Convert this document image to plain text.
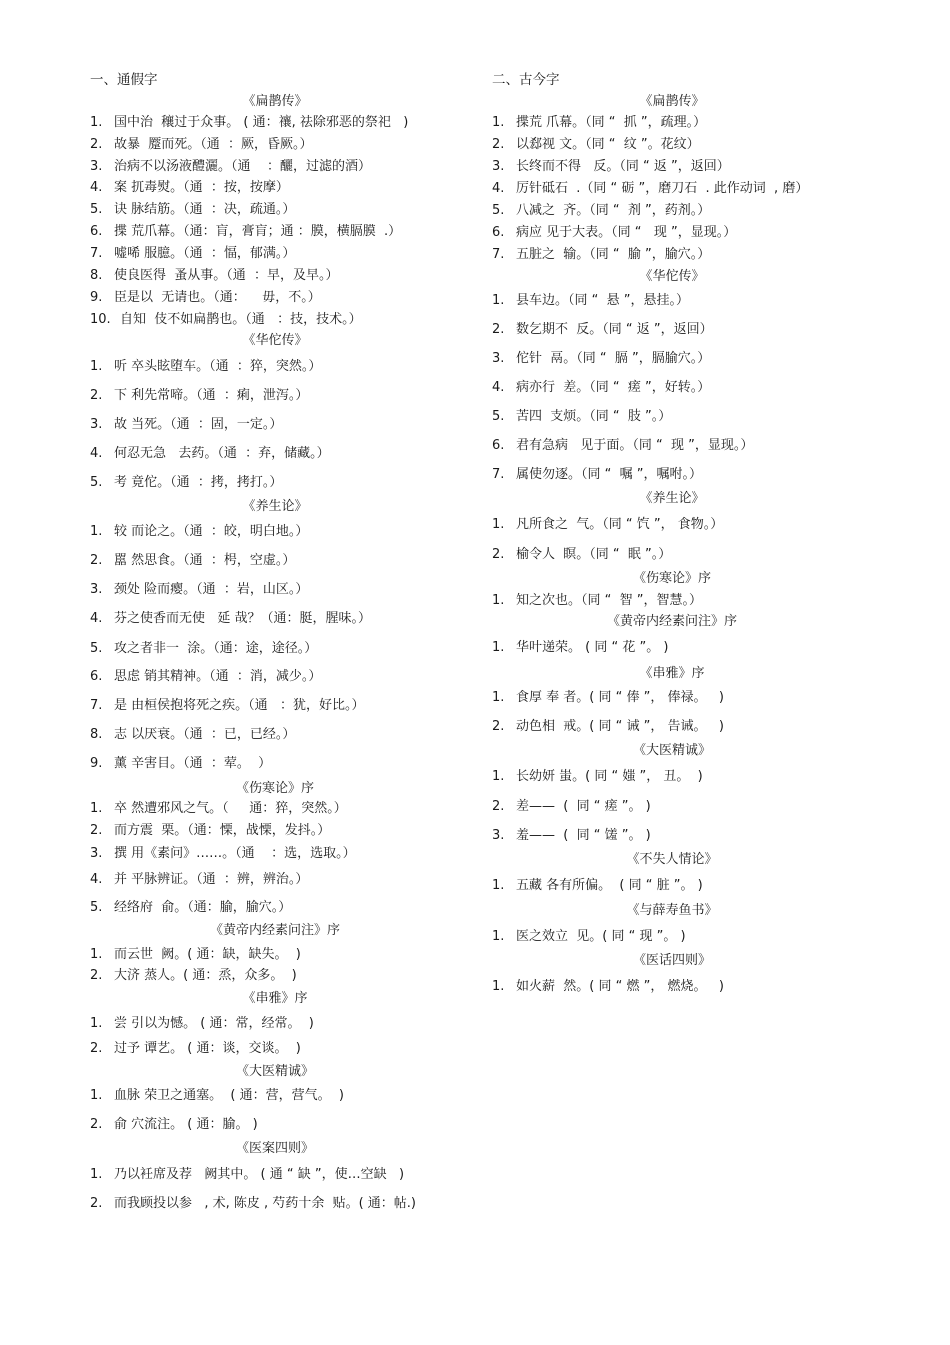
一、通假字
《扁鹊传》
1. 国中治  穰过于众事。 ( 通：禳, 祛除邪恶的祭祀   )
2. 故暴  蹷而死。（通  ：厥，昏厥。）
3. 治病不以汤液醴灑。（通    ：釃，过滤的酒）
4. 案 扤毒熨。（通  ：按，按摩）
5. 诀 脉结筋。（通  ：决，疏通。）
6. 揲 荒爪幕。（通：肓，膏肓；通 ：膜，横膈膜  .）
7. 嘘唏 服臆。（通  ：愊，郁满。）
8. 使良医得  蚤从事。（通  ：早，及早。）
9. 臣是以  无请也。（通：    毋，不。）
10. 自知  伎不如扁鹊也。（通   ：技，技术。）
《华佗传》
1. 听 卒头眩堕车。（通  ：猝，突然。）
2. 下 利先常啼。（通  ：痢，泄泻。）
3. 故 当死。（通  ：固，一定。）
4. 何忍无急   去药。（通  ：弃，储藏。）
5. 考 竟佗。（通  ：拷，拷打。）
《养生论》
1. 较 而论之。（通  ：皎，明白地。）
2. 嚚 然思食。（通  ：枵，空虚。）
3. 颈处 险而瘿。（通  ：岩，山区。）
4. 芬之使香而无使   延 哉？（通：脡，腥味。）
5. 攻之者非一  涂。（通：途，途径。）
6. 思虑 销其精神。（通  ：消，减少。）
7. 是 由桓侯抱将死之疾。（通   ：犹，好比。）
8. 志 以厌衰。（通  ：已，已经。）
9. 薰 辛害目。（通  ：荤。  ）
《伤寒论》序
1. 卒 然遭邪风之气。（     通：猝，突然。）
2. 而方震  栗。（通：慄，战慄，发抖。）
3. 撰 用《素问》……。（通    ：选，选取。）
4. 并 平脉辨证。（通  ：辨，辨治。）
5. 经络府  俞。（通：腧，腧穴。）
《黄帝内经素问注》序
1. 而云世  阙。( 通：缺，缺失。  )
2. 大济 蒸人。( 通：烝，众多。  )
《串雅》序
1. 尝 引以为憾。 ( 通：常，经常。  )
2. 过予 谭艺。 ( 通：谈，交谈。  )
《大医精诚》
1. 血脉 荣卫之通塞。  ( 通：营，营气。  )
2. 俞 穴流注。 ( 通：腧。 )
《医案四则》
1. 乃以衽席及荐   阙其中。 ( 通 “ 缺 ”，使…空缺   )
2. 而我顾投以参   , 术, 陈皮 , 芍药十余  贴。( 通：帖.)
二、古今字
《扁鹊传》
1. 揲荒 爪幕。（同 “  抓 ”，疏理。）
2. 以郄视 文。（同 “  纹 ”。花纹）
3. 长终而不得   反。（同 “ 返 ”，返回）
4. 厉针砥石  .（同 “ 砺 ”，磨刀石  . 此作动词  , 磨）
5. 八减之  齐。（同 “  剂 ”，药剂。）
6. 病应 见于大表。（同 “   现 ”，显现。）
7. 五脏之  输。（同 “  腧 ”，腧穴。）
《华佗传》
1. 县车边。（同 “  悬 ”，悬挂。）
2. 数乞期不  反。（同 “ 返 ”，返回）
3. 佗针  鬲。（同 “  膈 ”，膈腧穴。）
4. 病亦行  差。（同 “  瘥 ”，好转。）
5. 苦四  支烦。（同 “  肢 ”。）
6. 君有急病   见于面。（同 “  现 ”，显现。）
7. 属使勿逐。（同 “  嘱 ”，嘱咐。）
《养生论》
1. 凡所食之  气。（同 “ 饩 ”， 食物。）
2. 榆令人  瞑。（同 “  眠 ”。）
《伤寒论》序
1. 知之次也。（同 “  智 ”，智慧。）
《黄帝内经素问注》序
1. 华叶递荣。 ( 同 “ 花 ”。 )
《串雅》序
1. 食厚 奉 者。( 同 “ 俸 ”， 俸禄。   )
2. 动色相  戒。( 同 “ 诫 ”， 告诫。   )
《大医精诚》
1. 长幼妍 蚩。( 同 “ 媸 ”， 丑。  )
2. 差——  (  同 “ 瘥 ”。 )
3. 羞——  (  同 “ 馐 ”。 )
《不失人情论》
1. 五藏 各有所偏。  ( 同 “ 脏 ”。 )
《与薛寿鱼书》
1. 医之效立  见。( 同 “ 现 ”。 )
《医话四则》
1. 如火薪  然。( 同 “ 燃 ”， 燃烧。   )
